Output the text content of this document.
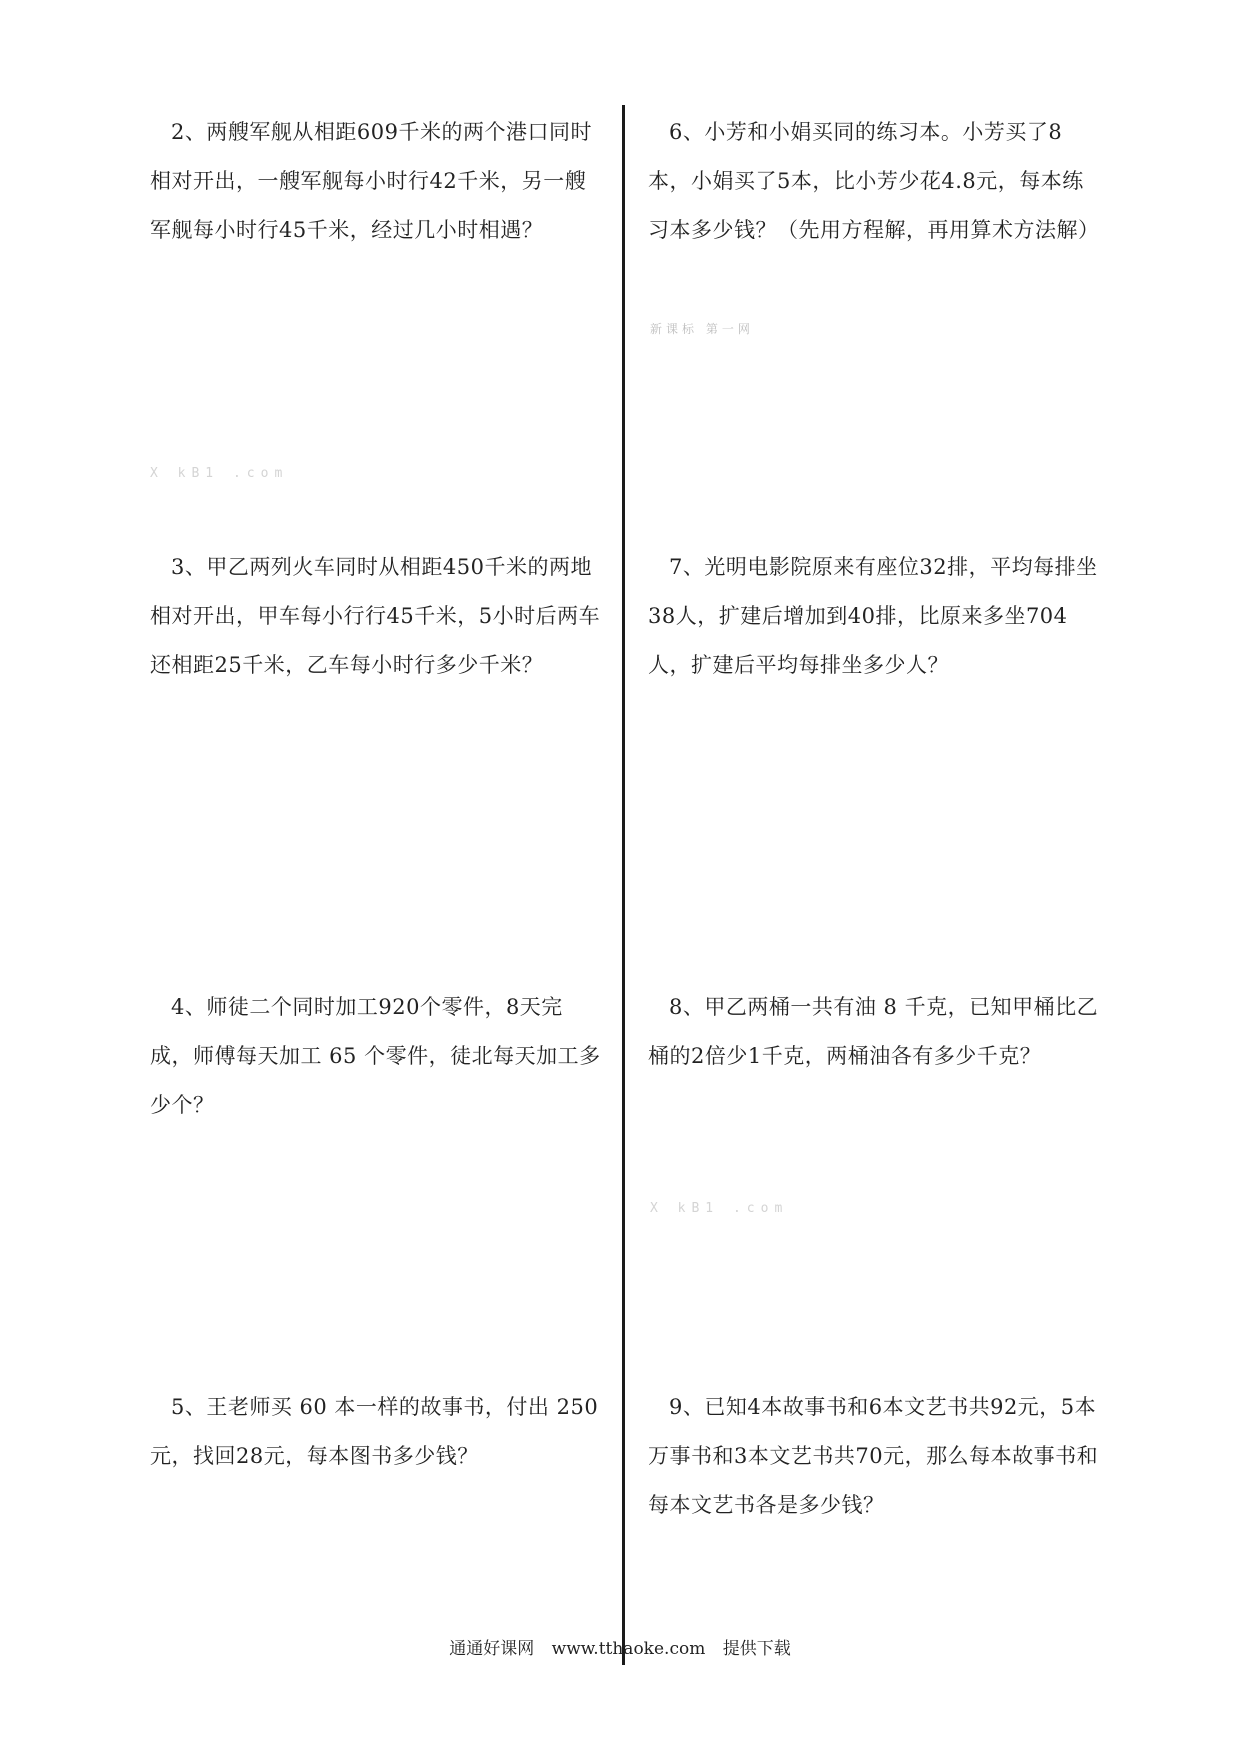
2、两艘军舰从相距609千米的两个港口同时相对开出，一艘军舰每小时行42千米，另一艘军舰每小时行45千米，经过几小时相遇？
3、甲乙两列火车同时从相距450千米的两地相对开出，甲车每小行行45千米，5小时后两车还相距25千米，乙车每小时行多少千米？
4、师徒二个同时加工920个零件，8天完成，师傅每天加工 65 个零件，徒北每天加工多少个？
5、王老师买 60 本一样的故事书，付出 250 元，找回28元，每本图书多少钱？
6、小芳和小娟买同的练习本。小芳买了8本，小娟买了5本，比小芳少花4.8元，每本练习本多少钱？（先用方程解，再用算术方法解）
7、光明电影院原来有座位32排，平均每排坐38人，扩建后增加到40排，比原来多坐704人，扩建后平均每排坐多少人？
8、甲乙两桶一共有油 8 千克，已知甲桶比乙桶的2倍少1千克，两桶油各有多少千克？
9、已知4本故事书和6本文艺书共92元，5本万事书和3本文艺书共70元，那么每本故事书和每本文艺书各是多少钱？
X kB1 .com
新课标 第一网
X kB1 .com
通通好课网 www.tthaoke.com 提供下载
